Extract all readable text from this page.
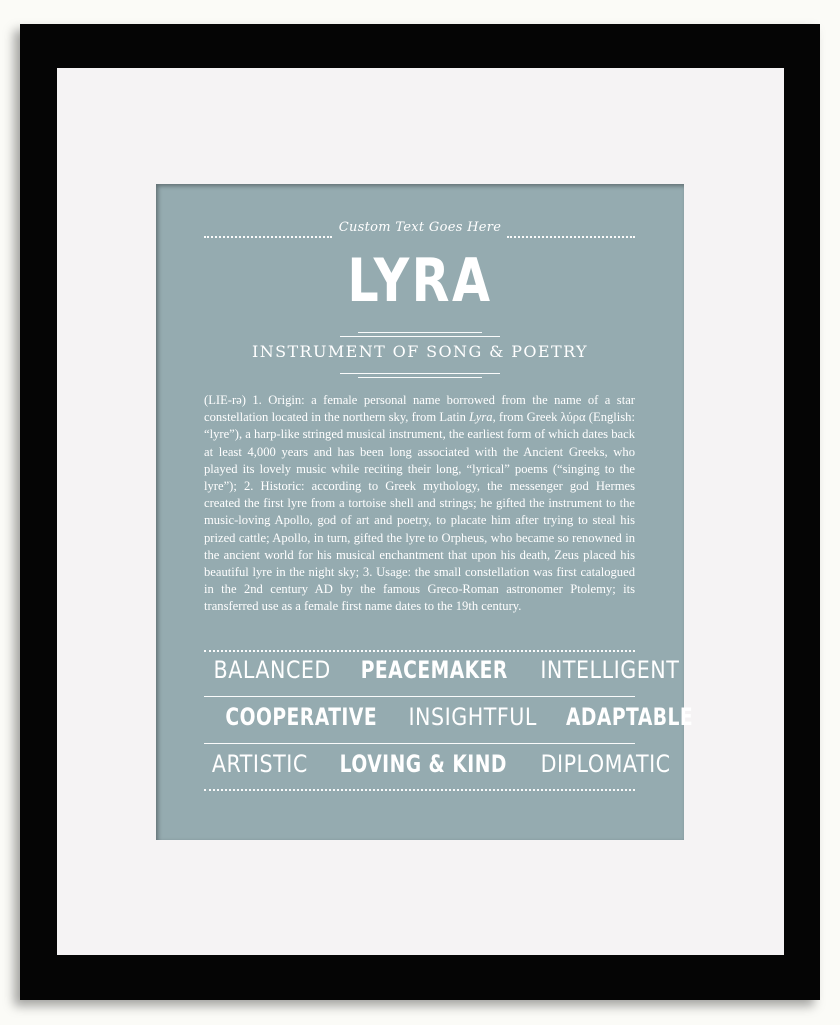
Custom Text Goes Here
LYRA
INSTRUMENT OF SONG & POETRY
(LIE-rə) 1. Origin: a female personal name borrowed from the name of a star constellation located in the northern sky, from Latin Lyra, from Greek λύρα (English: “lyre”), a harp-like stringed musical instrument, the earliest form of which dates back at least 4,000 years and has been long associated with the Ancient Greeks, who played its lovely music while reciting their long, “lyrical” poems (“singing to the lyre”); 2. Historic: according to Greek mythology, the messenger god Hermes created the first lyre from a tortoise shell and strings; he gifted the instrument to the music-loving Apollo, god of art and poetry, to placate him after trying to steal his prized cattle; Apollo, in turn, gifted the lyre to Orpheus, who became so renowned in the ancient world for his musical enchantment that upon his death, Zeus placed his beautiful lyre in the night sky; 3. Usage: the small constellation was first catalogued in the 2nd century AD by the famous Greco-Roman astronomer Ptolemy; its transferred use as a female first name dates to the 19th century.
BALANCED PEACEMAKER INTELLIGENT
COOPERATIVE INSIGHTFUL ADAPTABLE
ARTISTIC LOVING & KIND DIPLOMATIC
